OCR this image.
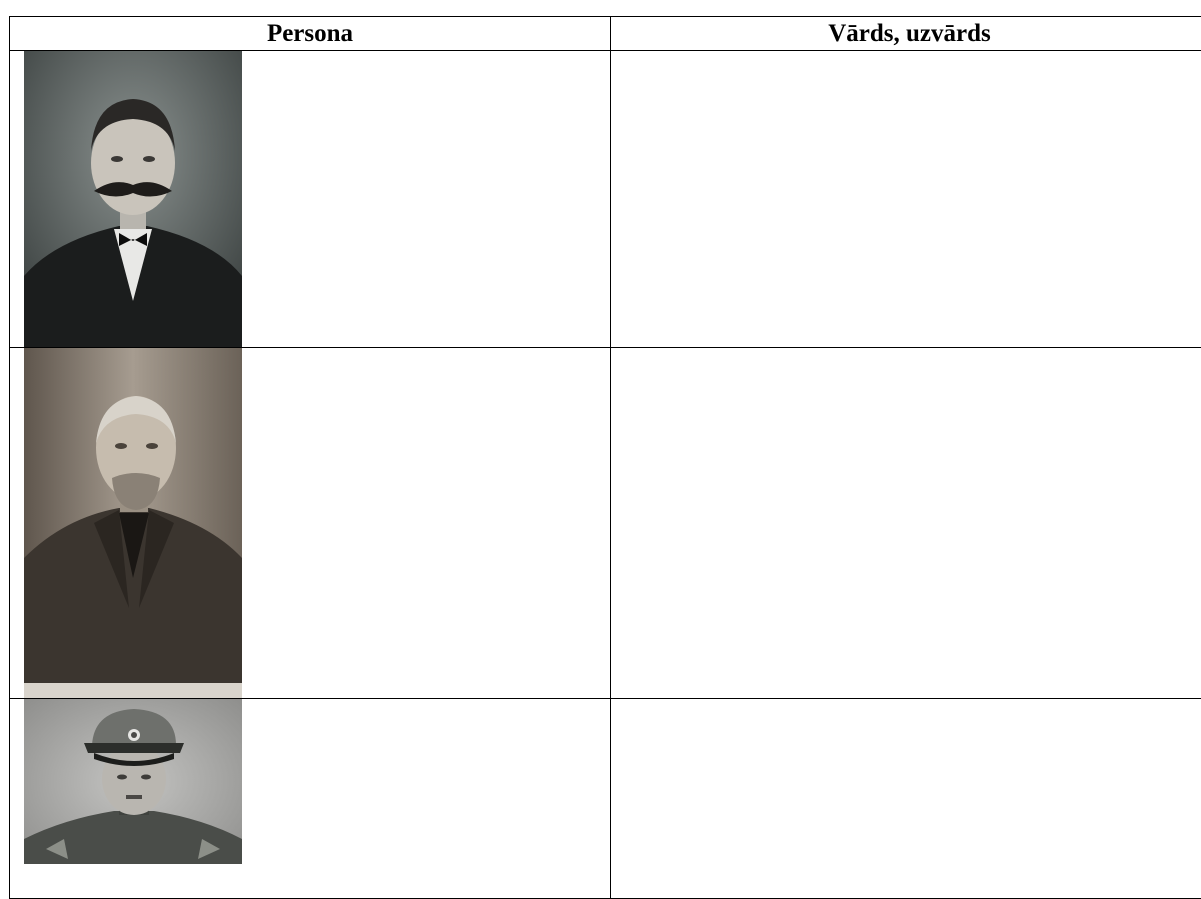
Persona	Vārds, uzvārds
